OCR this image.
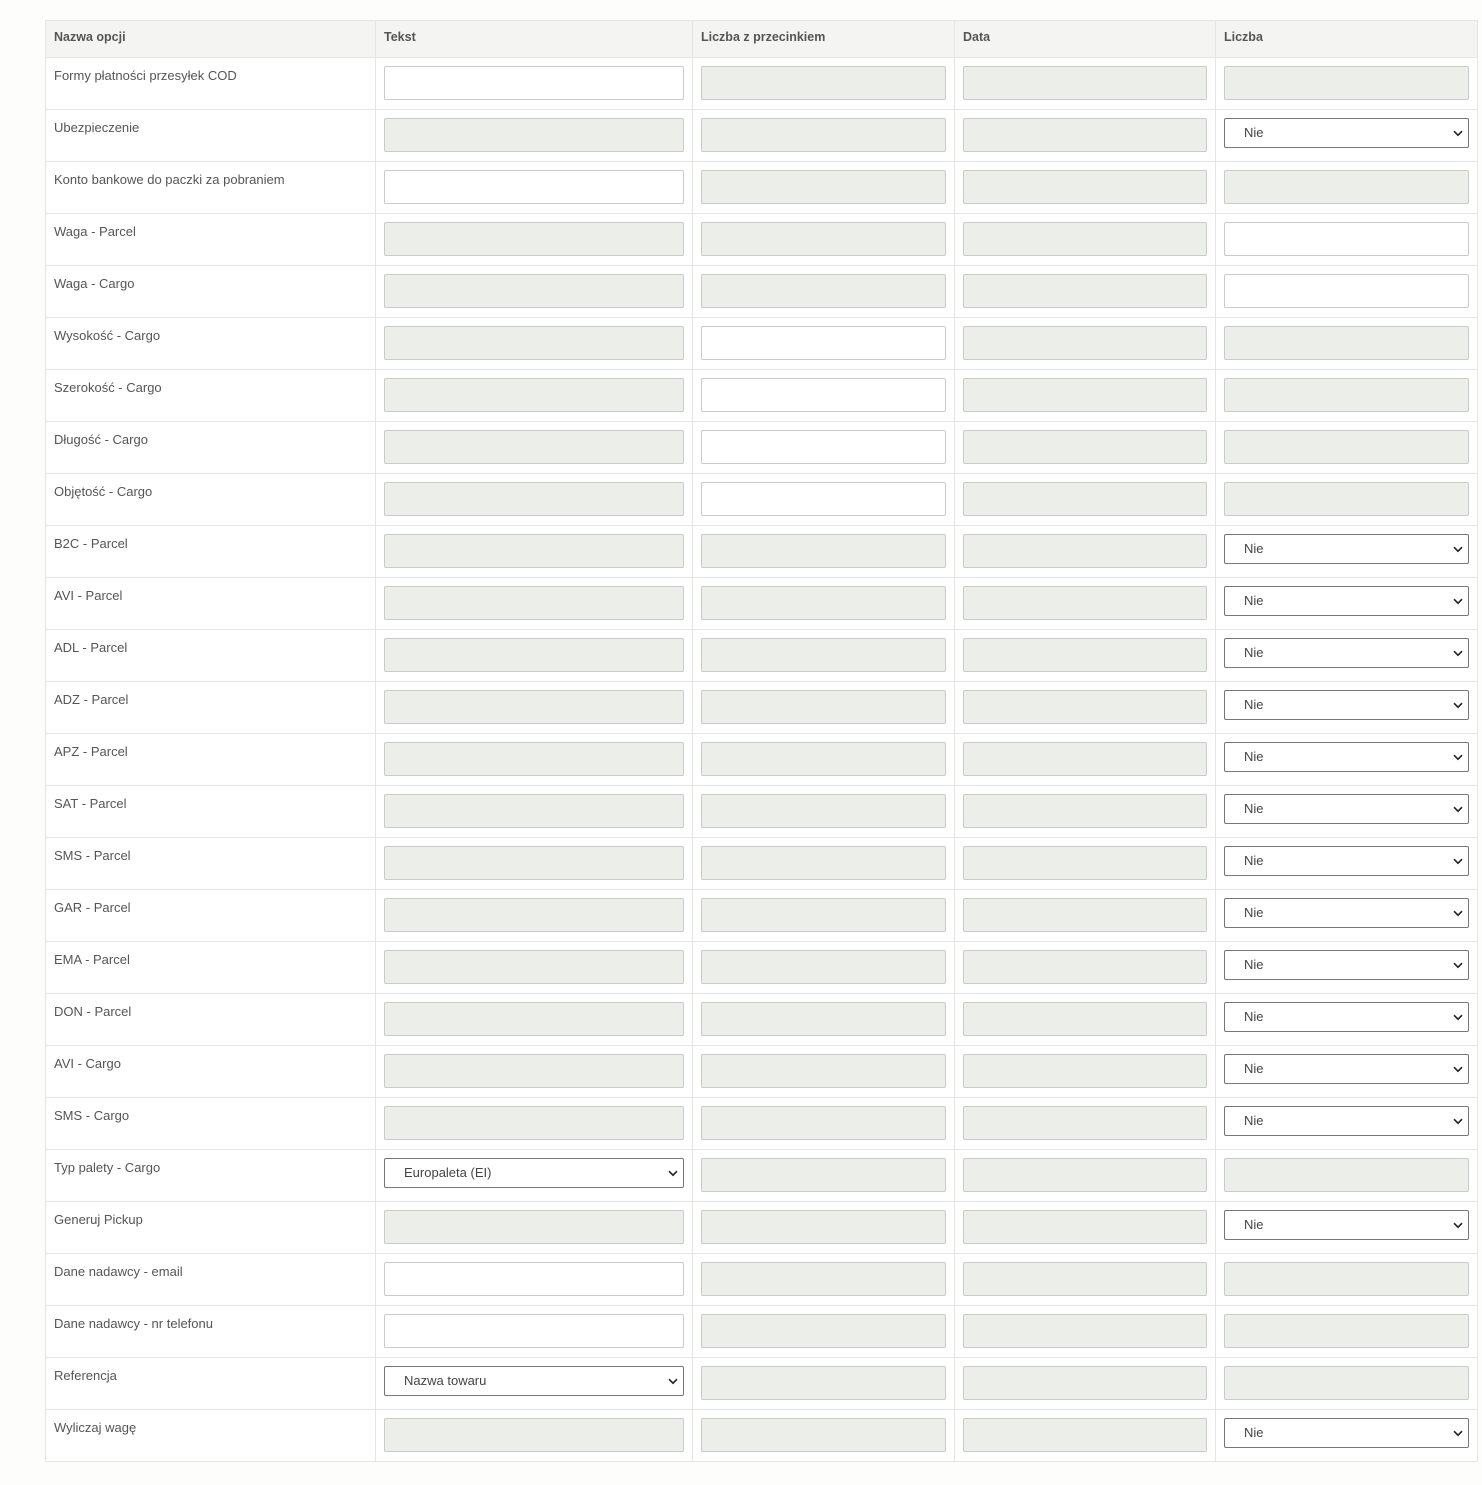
Nazwa opcji	Tekst	Liczba z przecinkiem	Data	Liczba
Formy płatności przesyłek COD	

Ubezpieczenie				Nie

Konto bankowe do paczki za pobraniem	

Waga - Parcel	

Waga - Cargo	

Wysokość - Cargo	

Szerokość - Cargo	

Długość - Cargo	

Objętość - Cargo	

B2C - Parcel				Nie

AVI - Parcel				Nie

ADL - Parcel				Nie

ADZ - Parcel				Nie

APZ - Parcel				Nie

SAT - Parcel				Nie

SMS - Parcel				Nie

GAR - Parcel				Nie

EMA - Parcel				Nie

DON - Parcel				Nie

AVI - Cargo				Nie

SMS - Cargo				Nie

Typ palety - Cargo	Europaleta (EI)

Generuj Pickup				Nie

Dane nadawcy - email	

Dane nadawcy - nr telefonu	

Referencja	Nazwa towaru

Wyliczaj wagę				Nie
